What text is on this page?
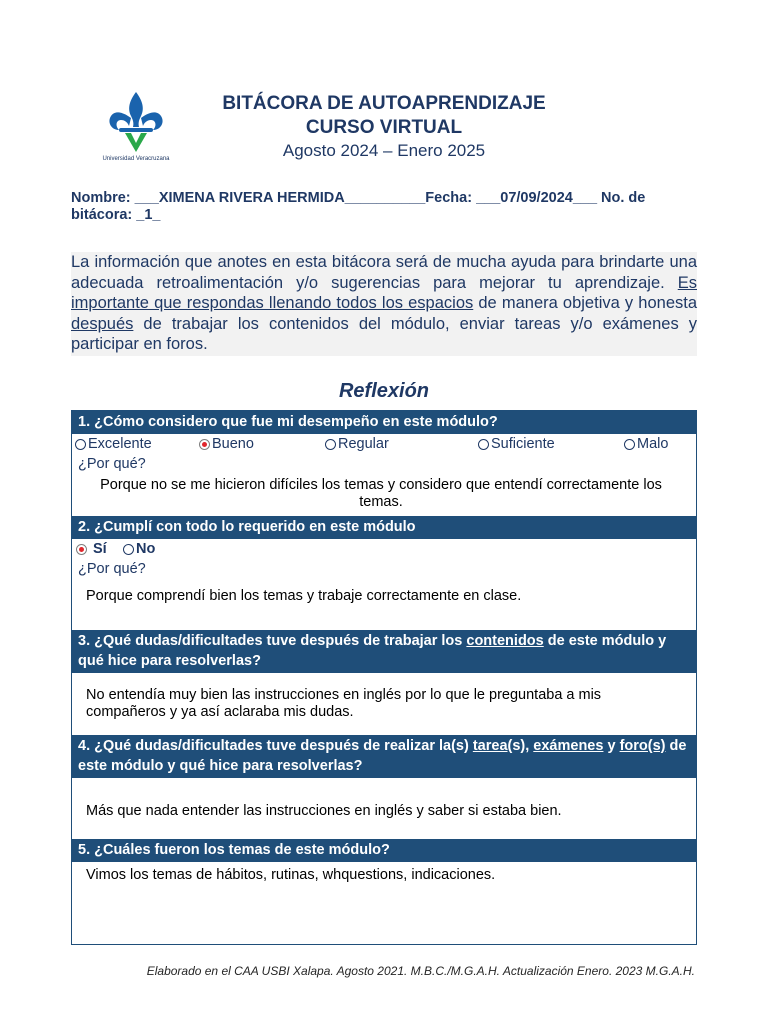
Universidad Veracruzana
BITÁCORA DE AUTOAPRENDIZAJE
CURSO VIRTUAL
Agosto 2024 – Enero 2025
Nombre: ___XIMENA RIVERA HERMIDA__________Fecha: ___07/09/2024___ No. de
bitácora: _1_
La información que anotes en esta bitácora será de mucha ayuda para brindarte una adecuada retroalimentación y/o sugerencias para mejorar tu aprendizaje. Es importante que respondas llenando todos los espacios de manera objetiva y honesta después de trabajar los contenidos del módulo, enviar tareas y/o exámenes y participar en foros.
Reflexión
1. ¿Cómo considero que fue mi desempeño en este módulo?
Excelente	Bueno	Regular	Suficiente	Malo
¿Por qué?
Porque no se me hicieron difíciles los temas y considero que entendí correctamente los temas.
2. ¿Cumplí con todo lo requerido en este módulo
Sí No
¿Por qué?
Porque comprendí bien los temas y trabaje correctamente en clase.
3. ¿Qué dudas/dificultades tuve después de trabajar los contenidos de este módulo y qué hice para resolverlas?
No entendía muy bien las instrucciones en inglés por lo que le preguntaba a mis compañeros y ya así aclaraba mis dudas.
4. ¿Qué dudas/dificultades tuve después de realizar la(s) tarea(s), exámenes y foro(s) de este módulo y qué hice para resolverlas?
Más que nada entender las instrucciones en inglés y saber si estaba bien.
5. ¿Cuáles fueron los temas de este módulo?
Vimos los temas de hábitos, rutinas, whquestions, indicaciones.
Elaborado en el CAA USBI Xalapa. Agosto 2021. M.B.C./M.G.A.H. Actualización Enero. 2023 M.G.A.H.
